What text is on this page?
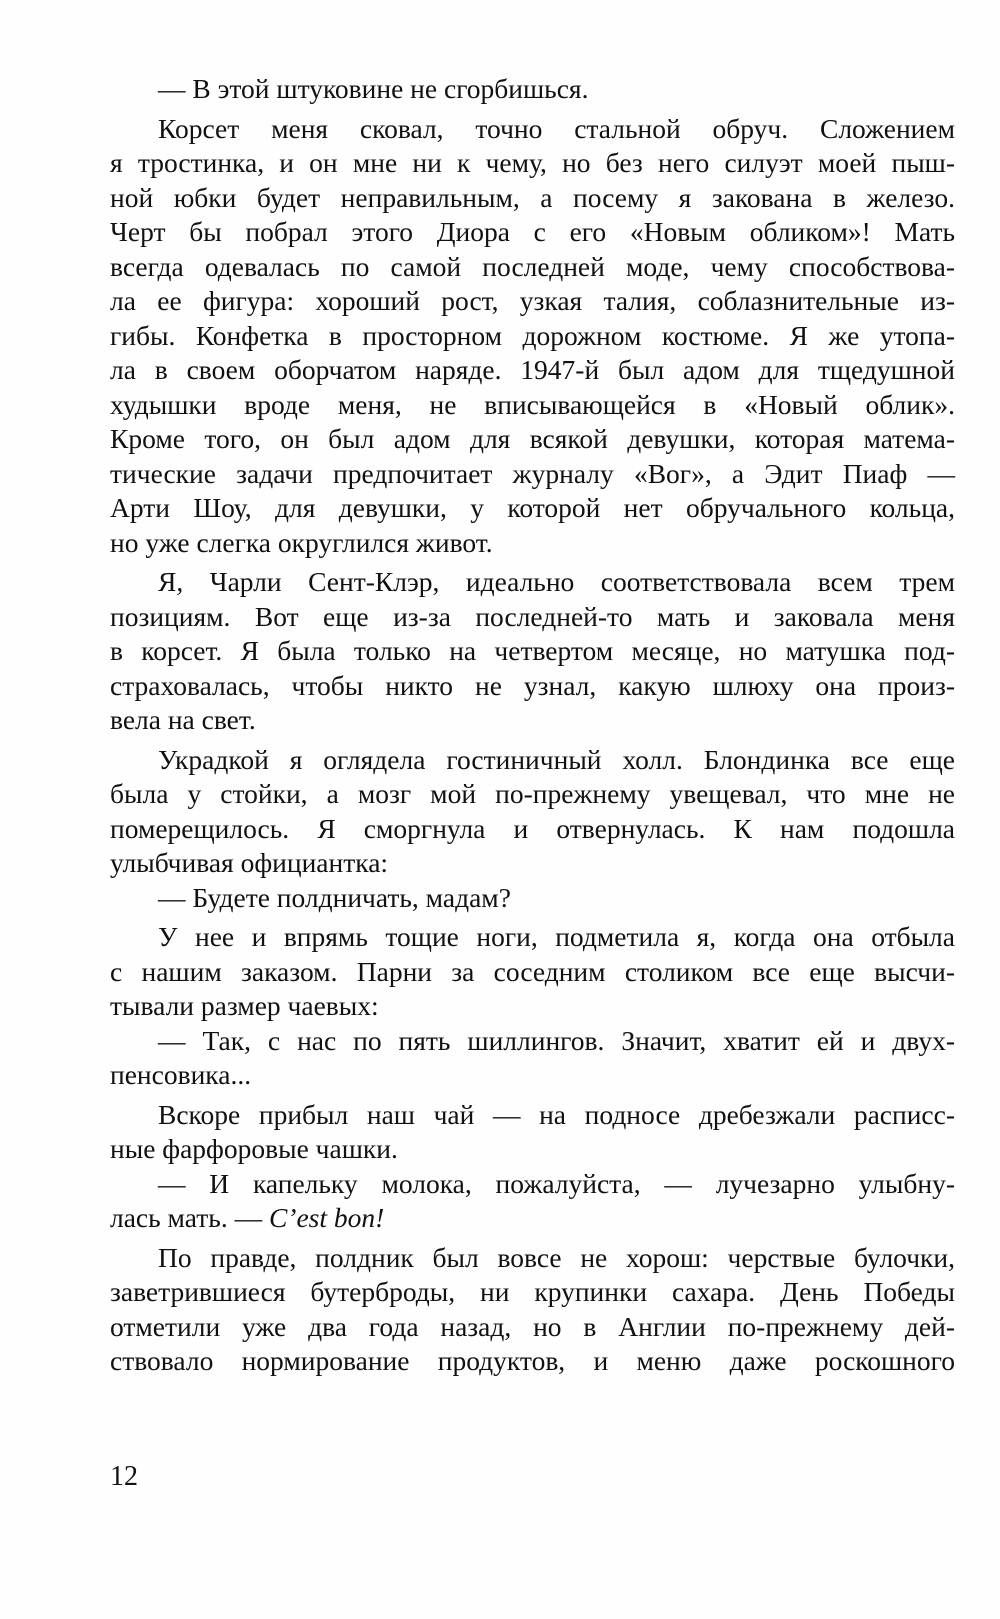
— В этой штуковине не сгорбишься.
Корсет меня сковал, точно стальной обруч. Сложением
я тростинка, и он мне ни к чему, но без него силуэт моей пыш-
ной юбки будет неправильным, а посему я закована в железо.
Черт бы побрал этого Диора с его «Новым обликом»! Мать
всегда одевалась по самой последней моде, чему способствова-
ла ее фигура: хороший рост, узкая талия, соблазнительные из-
гибы. Конфетка в просторном дорожном костюме. Я же утопа-
ла в своем оборчатом наряде. 1947-й был адом для тщедушной
худышки вроде меня, не вписывающейся в «Новый облик».
Кроме того, он был адом для всякой девушки, которая матема-
тические задачи предпочитает журналу «Вог», а Эдит Пиаф —
Арти Шоу, для девушки, у которой нет обручального кольца,
но уже слегка округлился живот.
Я, Чарли Сент-Клэр, идеально соответствовала всем трем
позициям. Вот еще из-за последней-то мать и заковала меня
в корсет. Я была только на четвертом месяце, но матушка под-
страховалась, чтобы никто не узнал, какую шлюху она произ-
вела на свет.
Украдкой я оглядела гостиничный холл. Блондинка все еще
была у стойки, а мозг мой по-прежнему увещевал, что мне не
померещилось. Я сморгнула и отвернулась. К нам подошла
улыбчивая официантка:
— Будете полдничать, мадам?
У нее и впрямь тощие ноги, подметила я, когда она отбыла
с нашим заказом. Парни за соседним столиком все еще высчи-
тывали размер чаевых:
— Так, с нас по пять шиллингов. Значит, хватит ей и двух-
пенсовика...
Вскоре прибыл наш чай — на подносе дребезжали расписс-
ные фарфоровые чашки.
— И капельку молока, пожалуйста, — лучезарно улыбну-
лась мать. — C’est bon!
По правде, полдник был вовсе не хорош: черствые булочки,
заветрившиеся бутерброды, ни крупинки сахара. День Победы
отметили уже два года назад, но в Англии по-прежнему дей-
ствовало нормирование продуктов, и меню даже роскошного
12
